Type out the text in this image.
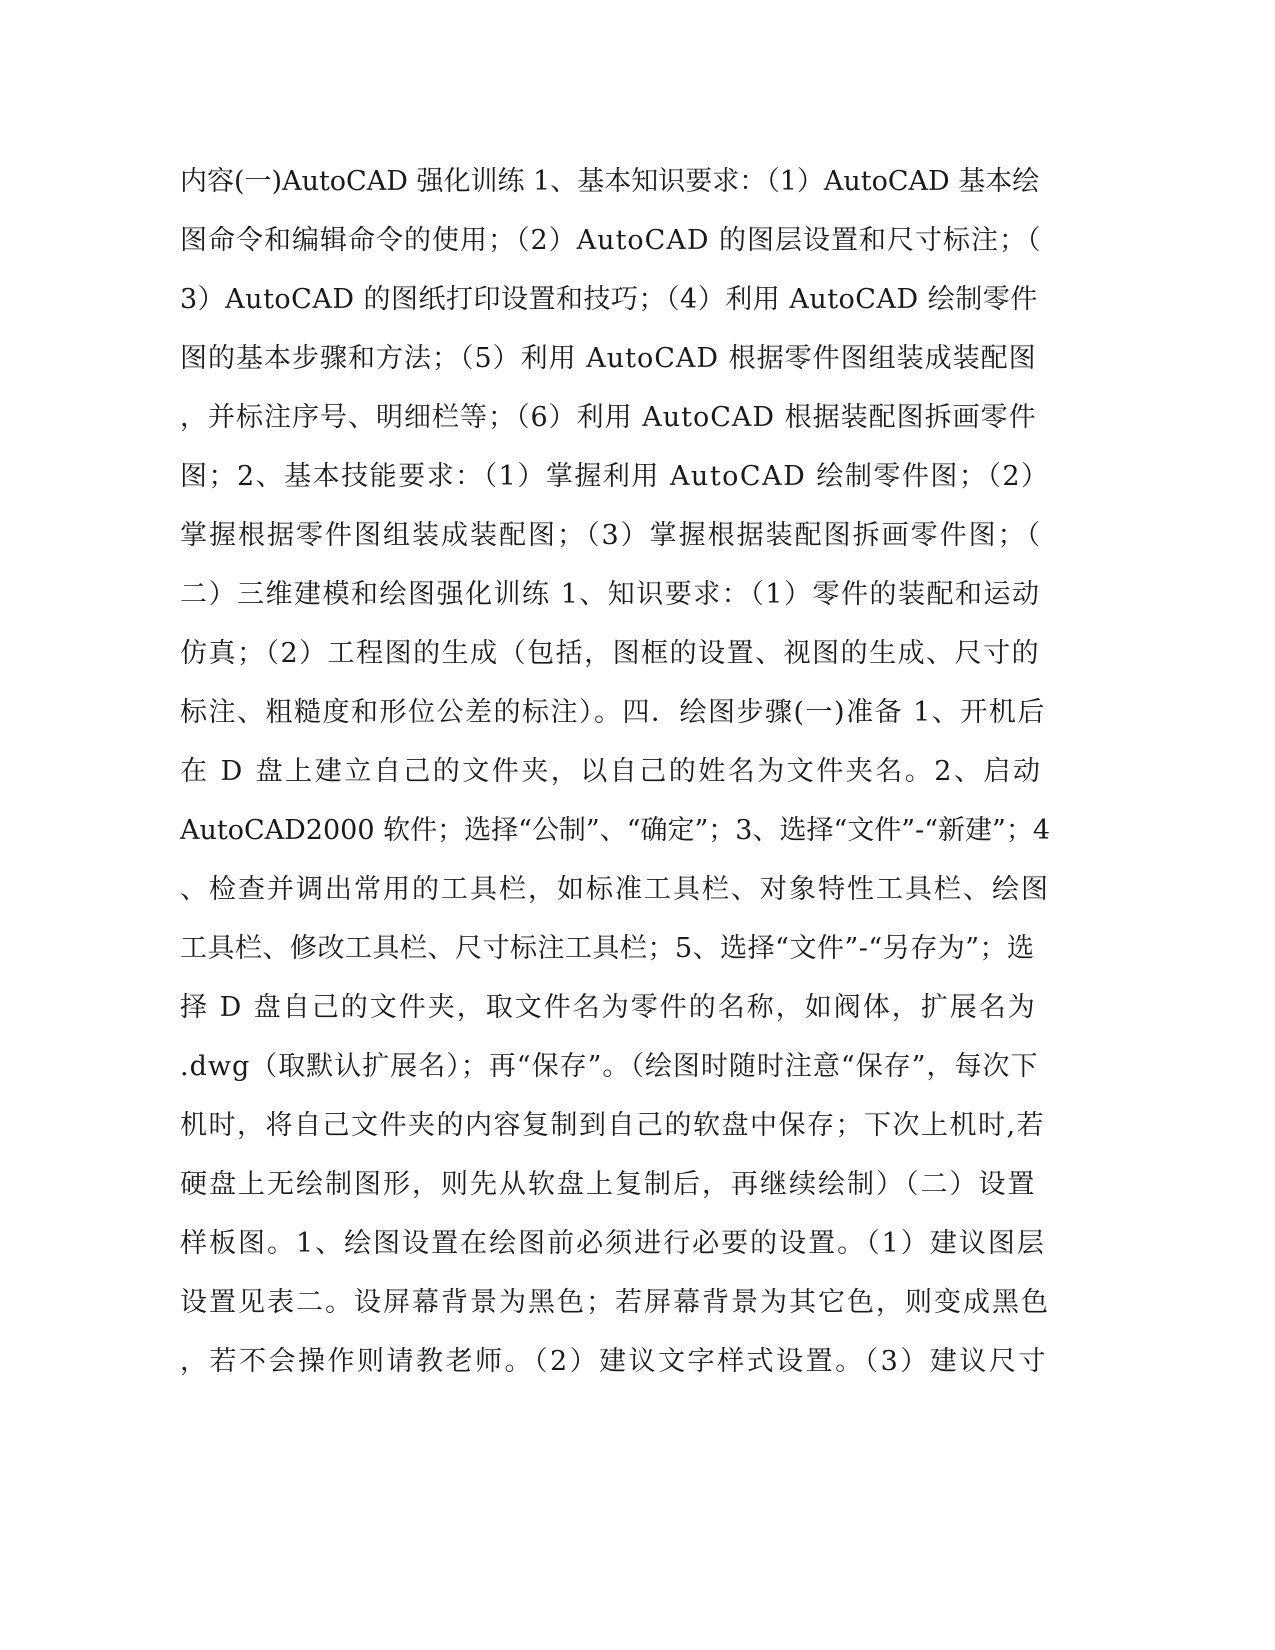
内容(一)AutoCAD 强化训练 1、基本知识要求：（1）AutoCAD 基本绘
图命令和编辑命令的使用；（2）AutoCAD 的图层设置和尺寸标注；（
3）AutoCAD 的图纸打印设置和技巧；（4）利用 AutoCAD 绘制零件
图的基本步骤和方法；（5）利用 AutoCAD 根据零件图组装成装配图
，并标注序号、明细栏等；（6）利用 AutoCAD 根据装配图拆画零件
图；2、基本技能要求：（1）掌握利用 AutoCAD 绘制零件图；（2）
掌握根据零件图组装成装配图；（3）掌握根据装配图拆画零件图；（
二）三维建模和绘图强化训练 1、知识要求：（1）零件的装配和运动
仿真；（2）工程图的生成（包括，图框的设置、视图的生成、尺寸的
标注、粗糙度和形位公差的标注）。四．绘图步骤(一)准备 1、开机后
在 D 盘上建立自己的文件夹，以自己的姓名为文件夹名。2、启动
AutoCAD2000 软件；选择“公制”、“确定”；3、选择“文件”-“新建”；4
、检查并调出常用的工具栏，如标准工具栏、对象特性工具栏、绘图
工具栏、修改工具栏、尺寸标注工具栏；5、选择“文件”-“另存为”；选
择 D 盘自己的文件夹，取文件名为零件的名称，如阀体，扩展名为
.dwg（取默认扩展名）；再“保存”。（绘图时随时注意“保存”，每次下
机时，将自己文件夹的内容复制到自己的软盘中保存；下次上机时,若
硬盘上无绘制图形，则先从软盘上复制后，再继续绘制）（二）设置
样板图。1、绘图设置在绘图前必须进行必要的设置。（1）建议图层
设置见表二。设屏幕背景为黑色；若屏幕背景为其它色，则变成黑色
，若不会操作则请教老师。（2）建议文字样式设置。（3）建议尺寸
